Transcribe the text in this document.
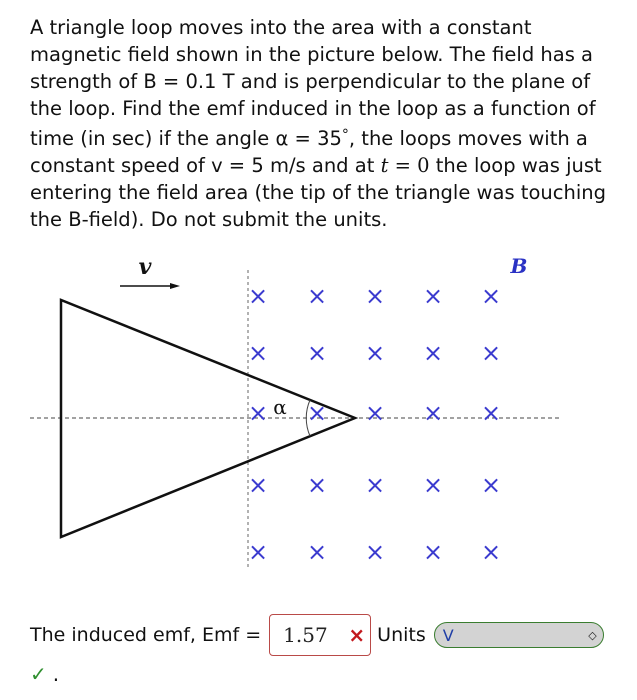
A triangle loop moves into the area with a constant magnetic field shown in the picture below. The field has a strength of B = 0.1 T and is perpendicular to the plane of the loop. Find the emf induced in the loop as a function of time (in sec) if the angle α = 35°, the loops moves with a constant speed of v = 5 m/s and at t = 0 the loop was just entering the field area (the tip of the triangle was touching the B-field). Do not submit the units.
v	B
α
× × × × ×
× × × × ×
× × × × ×
× × × × ×
× × × × ×
The induced emf, Emf = 1.57 × Units V	◇
✓ .
